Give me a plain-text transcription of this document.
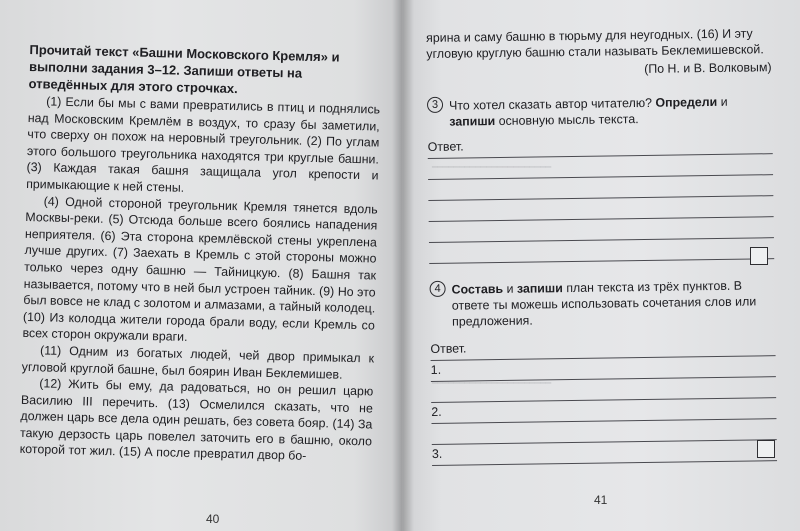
Прочитай текст «Башни Московского Кремля» и выполни задания 3–12. Запиши ответы на отведённых для этого строчках.

(1) Если бы мы с вами превратились в птиц и поднялись над Московским Кремлём в воздух, то сразу бы заметили, что сверху он похож на неровный треугольник. (2) По углам этого большого треугольника находятся три круглые башни. (3) Каждая такая башня защищала угол крепости и примыкающие к ней стены.

(4) Одной стороной треугольник Кремля тянется вдоль Москвы-реки. (5) Отсюда больше всего боялись нападения неприятеля. (6) Эта сторона кремлёвской стены укреплена лучше других. (7) Заехать в Кремль с этой стороны можно только через одну башню — Тайницкую. (8) Башня так называется, потому что в ней был устроен тайник. (9) Но это был вовсе не клад с золотом и алмазами, а тайный колодец. (10) Из колодца жители города брали воду, если Кремль со всех сторон окружали враги.

(11) Одним из богатых людей, чей двор примыкал к угловой круглой башне, был боярин Иван Беклемишев.

(12) Жить бы ему, да радоваться, но он решил царю Василию III перечить. (13) Осмелился сказать, что не должен царь все дела один решать, без совета бояр. (14) За такую дерзость царь повелел заточить его в башню, около которой тот жил. (15) А после превратил двор бо-

40
━━━━━━━━━━━━━━━━━━━━━━
━━━━━━━━━━━━━━━━━━━━━━

ярина и саму башню в тюрьму для неугодных. (16) И эту угловую круглую башню стали называть Беклемишевской.

(По Н. и В. Волковым)

3 Что хотел сказать автор читателю? Определи и запиши основную мысль текста.
Ответ.
4 Составь и запиши план текста из трёх пунктов. В ответе ты можешь использовать сочетания слов или предложения.
Ответ.
1.
2.
3.
41
